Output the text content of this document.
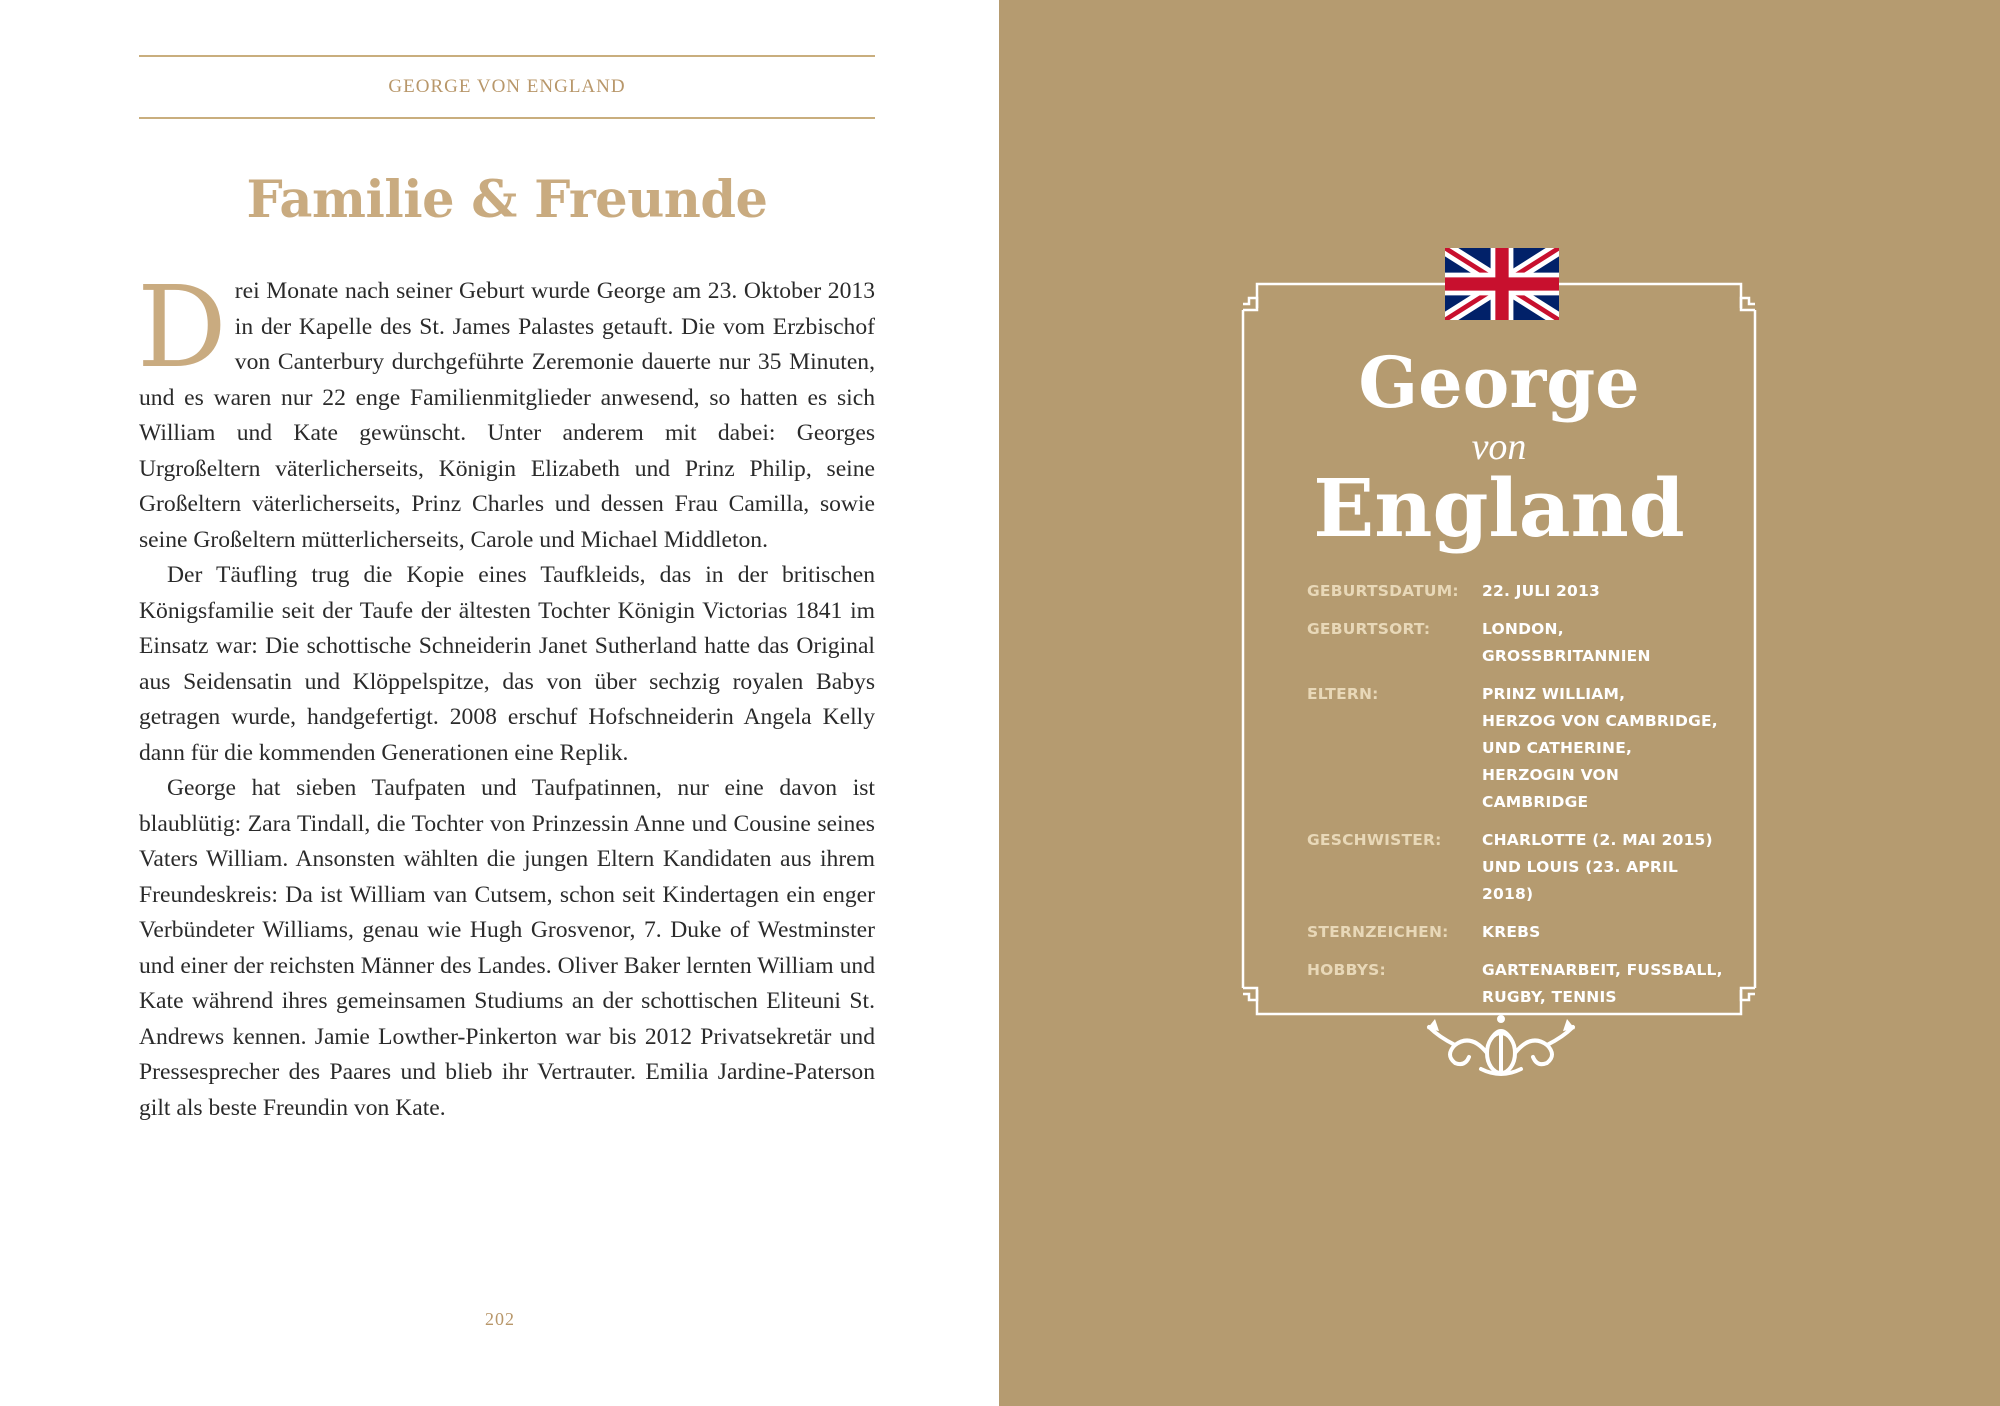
GEORGE VON ENGLAND
Familie & Freunde

Drei Monate nach seiner Geburt wurde George am 23. Oktober 2013 in der Kapelle des St. James Palastes getauft. Die vom Erzbischof von Canterbury durchgeführte Zeremonie dauerte nur 35 Minuten, und es waren nur 22 enge Familienmitglieder anwesend, so hatten es sich William und Kate gewünscht. Unter anderem mit dabei: Georges Urgroßeltern väterlicherseits, Königin Elizabeth und Prinz Philip, seine Großeltern väterlicherseits, Prinz Charles und dessen Frau Camilla, sowie seine Großeltern mütterlicherseits, Carole und Michael Middleton.

Der Täufling trug die Kopie eines Taufkleids, das in der britischen Königsfamilie seit der Taufe der ältesten Tochter Königin Victorias 1841 im Einsatz war: Die schottische Schneiderin Janet Sutherland hatte das Original aus Seidensatin und Klöppelspitze, das von über sechzig royalen Babys getragen wurde, handgefertigt. 2008 erschuf Hofschneiderin Angela Kelly dann für die kommenden Generationen eine Replik.

George hat sieben Taufpaten und Taufpatinnen, nur eine davon ist blaublütig: Zara Tindall, die Tochter von Prinzessin Anne und Cousine seines Vaters William. Ansonsten wählten die jungen Eltern Kandidaten aus ihrem Freundeskreis: Da ist William van Cutsem, schon seit Kindertagen ein enger Verbündeter Williams, genau wie Hugh Grosvenor, 7. Duke of Westminster und einer der reichsten Männer des Landes. Oliver Baker lernten William und Kate während ihres gemeinsamen Studiums an der schottischen Eliteuni St. Andrews kennen. Jamie Lowther-Pinkerton war bis 2012 Privatsekretär und Pressesprecher des Paares und blieb ihr Vertrauter. Emilia Jardine-Paterson gilt als beste Freundin von Kate.

202
George
von
England
GEBURTSDATUM:	22. JULI 2013
GEBURTSORT:	LONDON,
GROSSBRITANNIEN
ELTERN:	PRINZ WILLIAM,
HERZOG VON CAMBRIDGE,
UND CATHERINE,
HERZOGIN VON
CAMBRIDGE
GESCHWISTER:	CHARLOTTE (2. MAI 2015)
UND LOUIS (23. APRIL 2018)
STERNZEICHEN:	KREBS
HOBBYS:	GARTENARBEIT, FUSSBALL,
RUGBY, TENNIS
